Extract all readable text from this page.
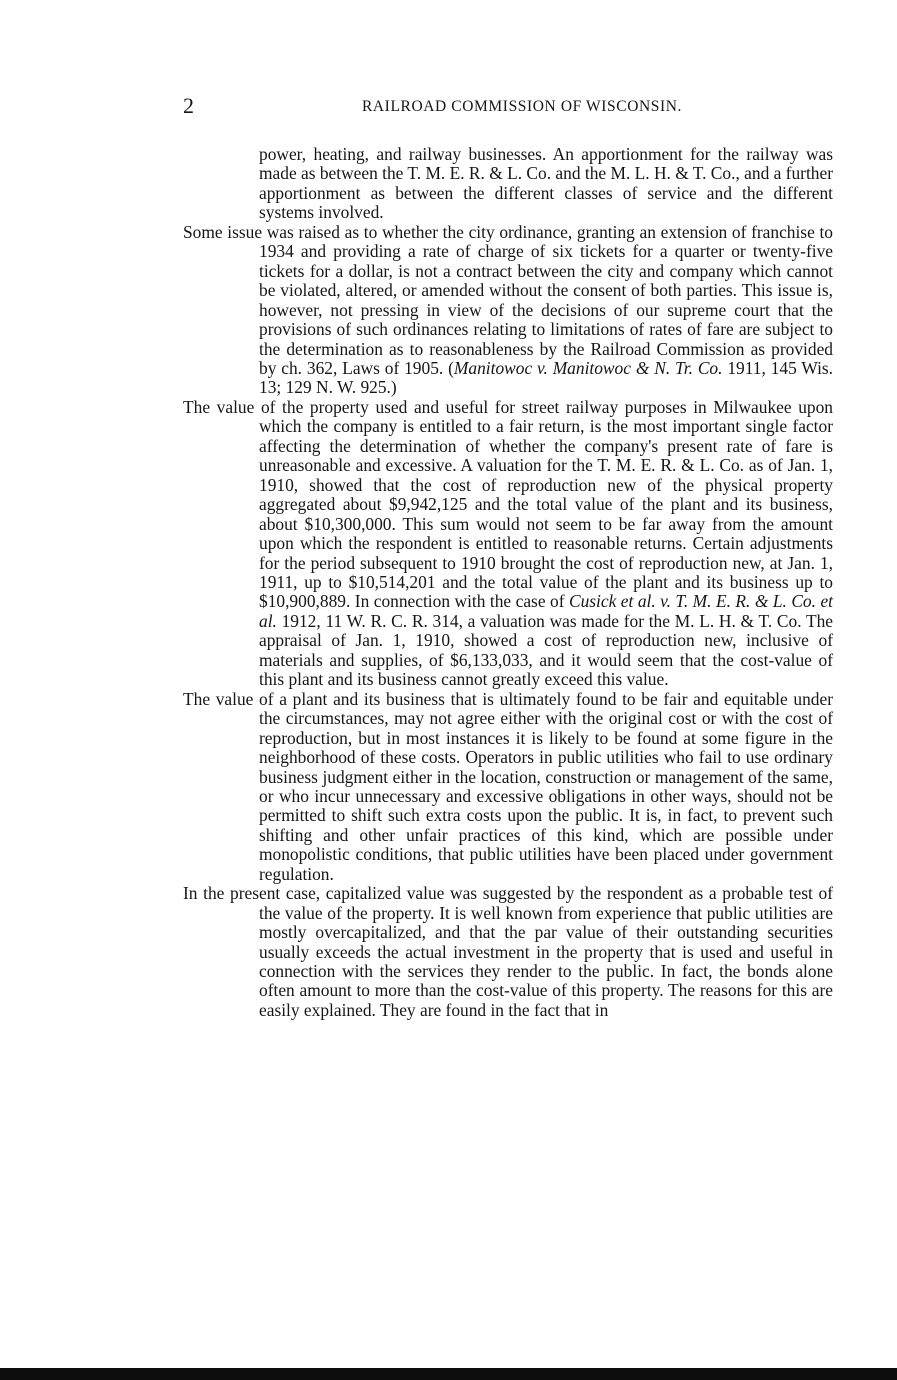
2	RAILROAD COMMISSION OF WISCONSIN.

power, heating, and railway businesses. An apportionment for the railway was made as between the T. M. E. R. & L. Co. and the M. L. H. & T. Co., and a further apportionment as between the different classes of service and the different systems involved.

Some issue was raised as to whether the city ordinance, granting an extension of franchise to 1934 and providing a rate of charge of six tickets for a quarter or twenty-five tickets for a dollar, is not a contract between the city and company which cannot be violated, altered, or amended without the consent of both parties. This issue is, however, not pressing in view of the decisions of our supreme court that the provisions of such ordinances relating to limitations of rates of fare are subject to the determination as to reasonableness by the Railroad Commission as provided by ch. 362, Laws of 1905. (Manitowoc v. Manitowoc & N. Tr. Co. 1911, 145 Wis. 13; 129 N. W. 925.)

The value of the property used and useful for street railway purposes in Milwaukee upon which the company is entitled to a fair return, is the most important single factor affecting the determination of whether the company's present rate of fare is unreasonable and excessive. A valuation for the T. M. E. R. & L. Co. as of Jan. 1, 1910, showed that the cost of reproduction new of the physical property aggregated about $9,942,125 and the total value of the plant and its business, about $10,300,000. This sum would not seem to be far away from the amount upon which the respondent is entitled to reasonable returns. Certain adjustments for the period subsequent to 1910 brought the cost of reproduction new, at Jan. 1, 1911, up to $10,514,201 and the total value of the plant and its business up to $10,900,889. In connection with the case of Cusick et al. v. T. M. E. R. & L. Co. et al. 1912, 11 W. R. C. R. 314, a valuation was made for the M. L. H. & T. Co. The appraisal of Jan. 1, 1910, showed a cost of reproduction new, inclusive of materials and supplies, of $6,133,033, and it would seem that the cost-value of this plant and its business cannot greatly exceed this value.

The value of a plant and its business that is ultimately found to be fair and equitable under the circumstances, may not agree either with the original cost or with the cost of reproduction, but in most instances it is likely to be found at some figure in the neighborhood of these costs. Operators in public utilities who fail to use ordinary business judgment either in the location, construction or management of the same, or who incur unnecessary and excessive obligations in other ways, should not be permitted to shift such extra costs upon the public. It is, in fact, to prevent such shifting and other unfair practices of this kind, which are possible under monopolistic conditions, that public utilities have been placed under government regulation.

In the present case, capitalized value was suggested by the respondent as a probable test of the value of the property. It is well known from experience that public utilities are mostly overcapitalized, and that the par value of their outstanding securities usually exceeds the actual investment in the property that is used and useful in connection with the services they render to the public. In fact, the bonds alone often amount to more than the cost-value of this property. The reasons for this are easily explained. They are found in the fact that in
